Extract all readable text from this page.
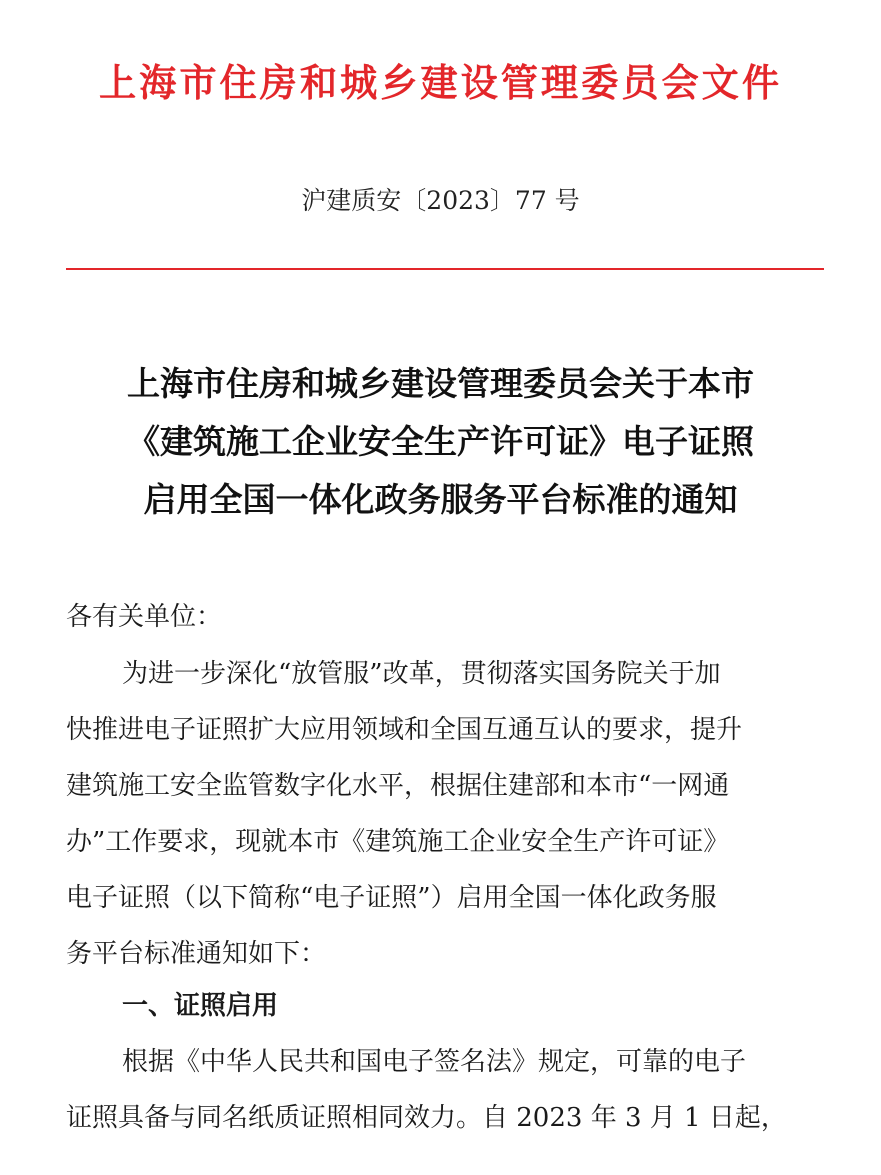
上海市住房和城乡建设管理委员会文件
沪建质安〔2023〕77 号
上海市住房和城乡建设管理委员会关于本市
《建筑施工企业安全生产许可证》电子证照
启用全国一体化政务服务平台标准的通知
各有关单位：
为进一步深化“放管服”改革，贯彻落实国务院关于加
快推进电子证照扩大应用领域和全国互通互认的要求，提升
建筑施工安全监管数字化水平，根据住建部和本市“一网通
办”工作要求，现就本市《建筑施工企业安全生产许可证》
电子证照（以下简称“电子证照”）启用全国一体化政务服
务平台标准通知如下：
一、证照启用
根据《中华人民共和国电子签名法》规定，可靠的电子
证照具备与同名纸质证照相同效力。自 2023 年 3 月 1 日起，
